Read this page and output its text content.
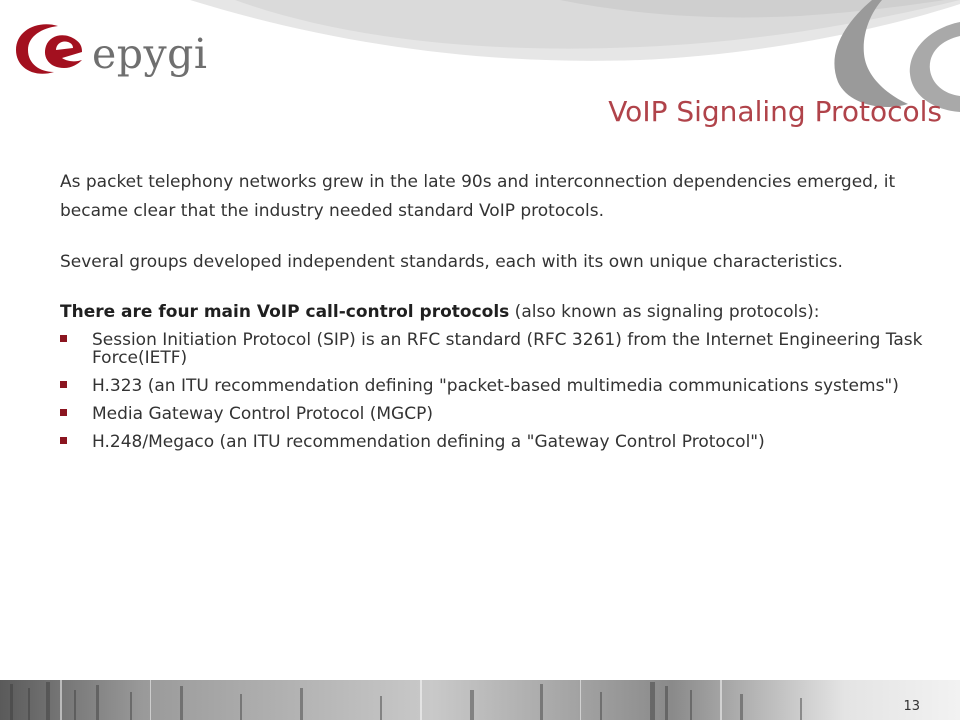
epygi
VoIP Signaling Protocols

As packet telephony networks grew in the late 90s and interconnection dependencies emerged, it became clear that the industry needed standard VoIP protocols.

Several groups developed independent standards, each with its own unique characteristics.

There are four main VoIP call-control protocols (also known as signaling protocols):

Session Initiation Protocol (SIP) is an RFC standard (RFC 3261) from the Internet Engineering Task Force(IETF)
H.323 (an ITU recommendation defining "packet-based multimedia communications systems")
Media Gateway Control Protocol (MGCP)
H.248/Megaco (an ITU recommendation defining a "Gateway Control Protocol")
13
